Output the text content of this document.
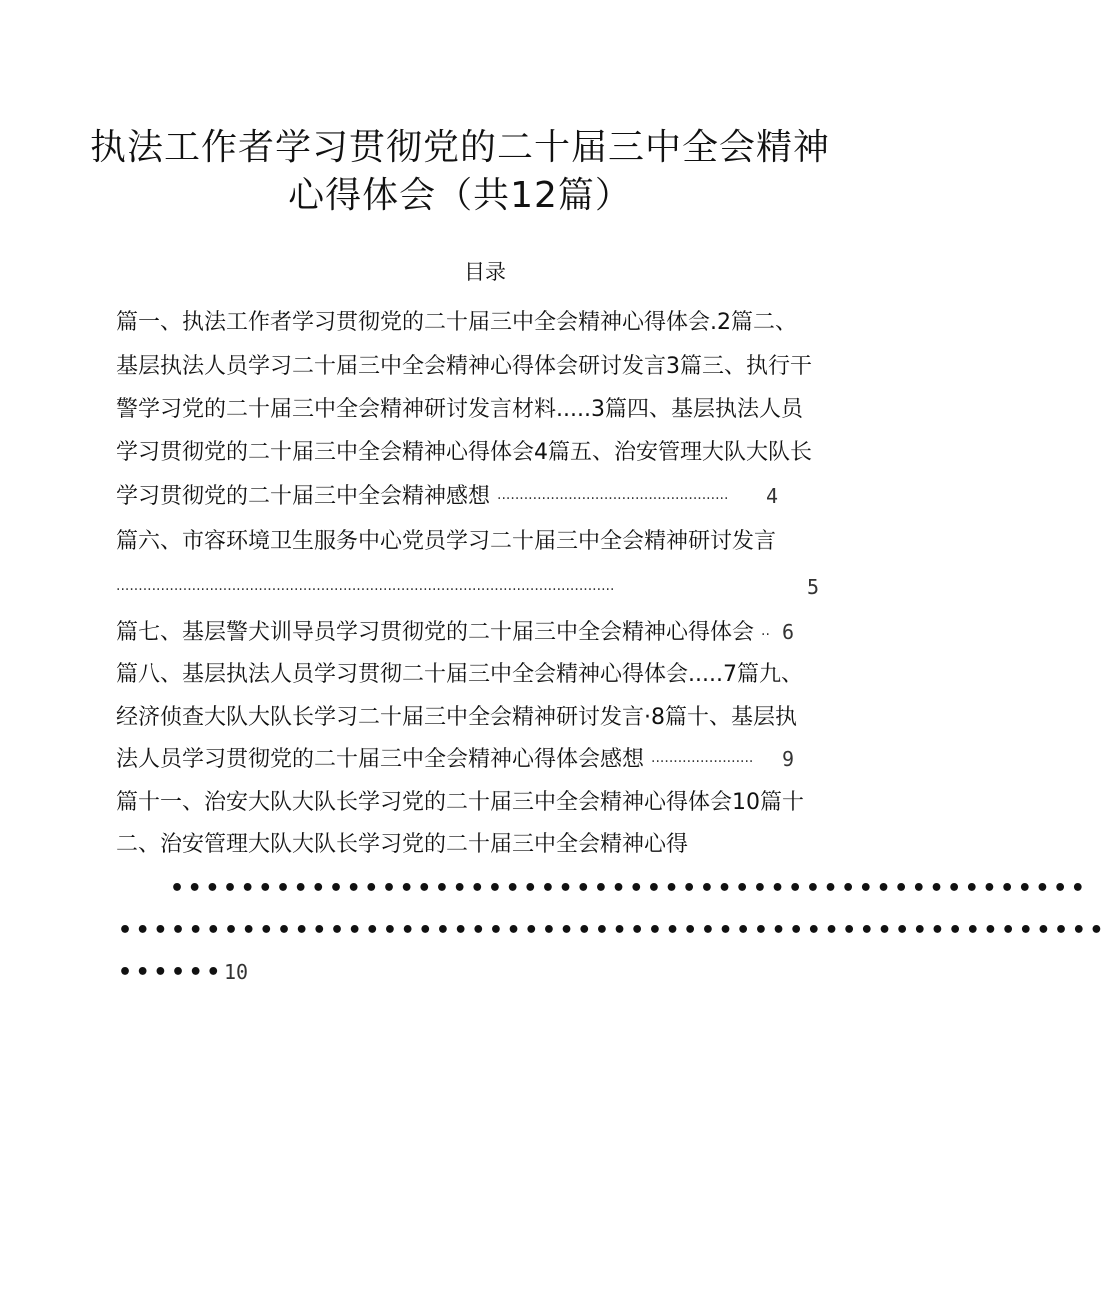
执法工作者学习贯彻党的二十届三中全会精神
心得体会（共12篇）
目录
篇一、执法工作者学习贯彻党的二十届三中全会精神心得体会.2篇二、
基层执法人员学习二十届三中全会精神心得体会研讨发言3篇三、执行干
警学习党的二十届三中全会精神研讨发言材料.....3篇四、基层执法人员
学习贯彻党的二十届三中全会精神心得体会4篇五、治安管理大队大队长
学习贯彻党的二十届三中全会精神感想 .................................................... 4
篇六、市容环境卫生服务中心党员学习二十届三中全会精神研讨发言
................................................................................................................	5
篇七、基层警犬训导员学习贯彻党的二十届三中全会精神心得体会 .. 6
篇八、基层执法人员学习贯彻二十届三中全会精神心得体会.....7篇九、
经济侦查大队大队长学习二十届三中全会精神研讨发言·8篇十、基层执
法人员学习贯彻党的二十届三中全会精神心得体会感想 ....................... 9
篇十一、治安大队大队长学习党的二十届三中全会精神心得体会10篇十
二、治安管理大队大队长学习党的二十届三中全会精神心得
••••••••••••••••••••••••••••••••••••••••••••••••••••
••••••••••••••••••••••••••••••••••••••••••••••••••••••••
••••••10
